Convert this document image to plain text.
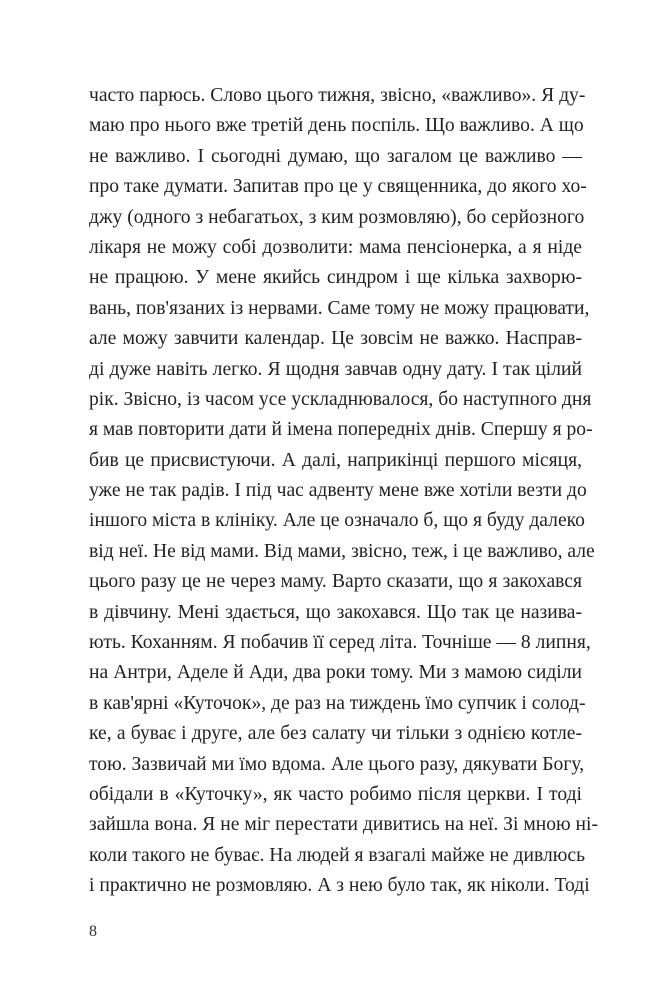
часто парюсь. Слово цього тижня, звісно, «важливо». Я ду-
маю про нього вже третій день поспіль. Що важливо. А що
не важливо. І сьогодні думаю, що загалом це важливо —
про таке думати. Запитав про це у священника, до якого хо-
джу (одного з небагатьох, з ким розмовляю), бо серйозного
лікаря не можу собі дозволити: мама пенсіонерка, а я ніде
не працюю. У мене якийсь синдром і ще кілька захворю-
вань, пов'язаних із нервами. Саме тому не можу працювати,
але можу завчити календар. Це зовсім не важко. Насправ-
ді дуже навіть легко. Я щодня завчав одну дату. І так цілий
рік. Звісно, із часом усе ускладнювалося, бо наступного дня
я мав повторити дати й імена попередніх днів. Спершу я ро-
бив це присвистуючи. А далі, наприкінці першого місяця,
уже не так радів. І під час адвенту мене вже хотіли везти до
іншого міста в клініку. Але це означало б, що я буду далеко
від неї. Не від мами. Від мами, звісно, теж, і це важливо, але
цього разу це не через маму. Варто сказати, що я закохався
в дівчину. Мені здається, що закохався. Що так це назива-
ють. Коханням. Я побачив її серед літа. Точніше — 8 липня,
на Антри, Аделе й Ади, два роки тому. Ми з мамою сиділи
в кав'ярні «Куточок», де раз на тиждень їмо супчик і солод-
ке, а буває і друге, але без салату чи тільки з однією котле-
тою. Зазвичай ми їмо вдома. Але цього разу, дякувати Богу,
обідали в «Куточку», як часто робимо після церкви. І тоді
зайшла вона. Я не міг перестати дивитись на неї. Зі мною ні-
коли такого не буває. На людей я взагалі майже не дивлюсь
і практично не розмовляю. А з нею було так, як ніколи. Тоді
8
